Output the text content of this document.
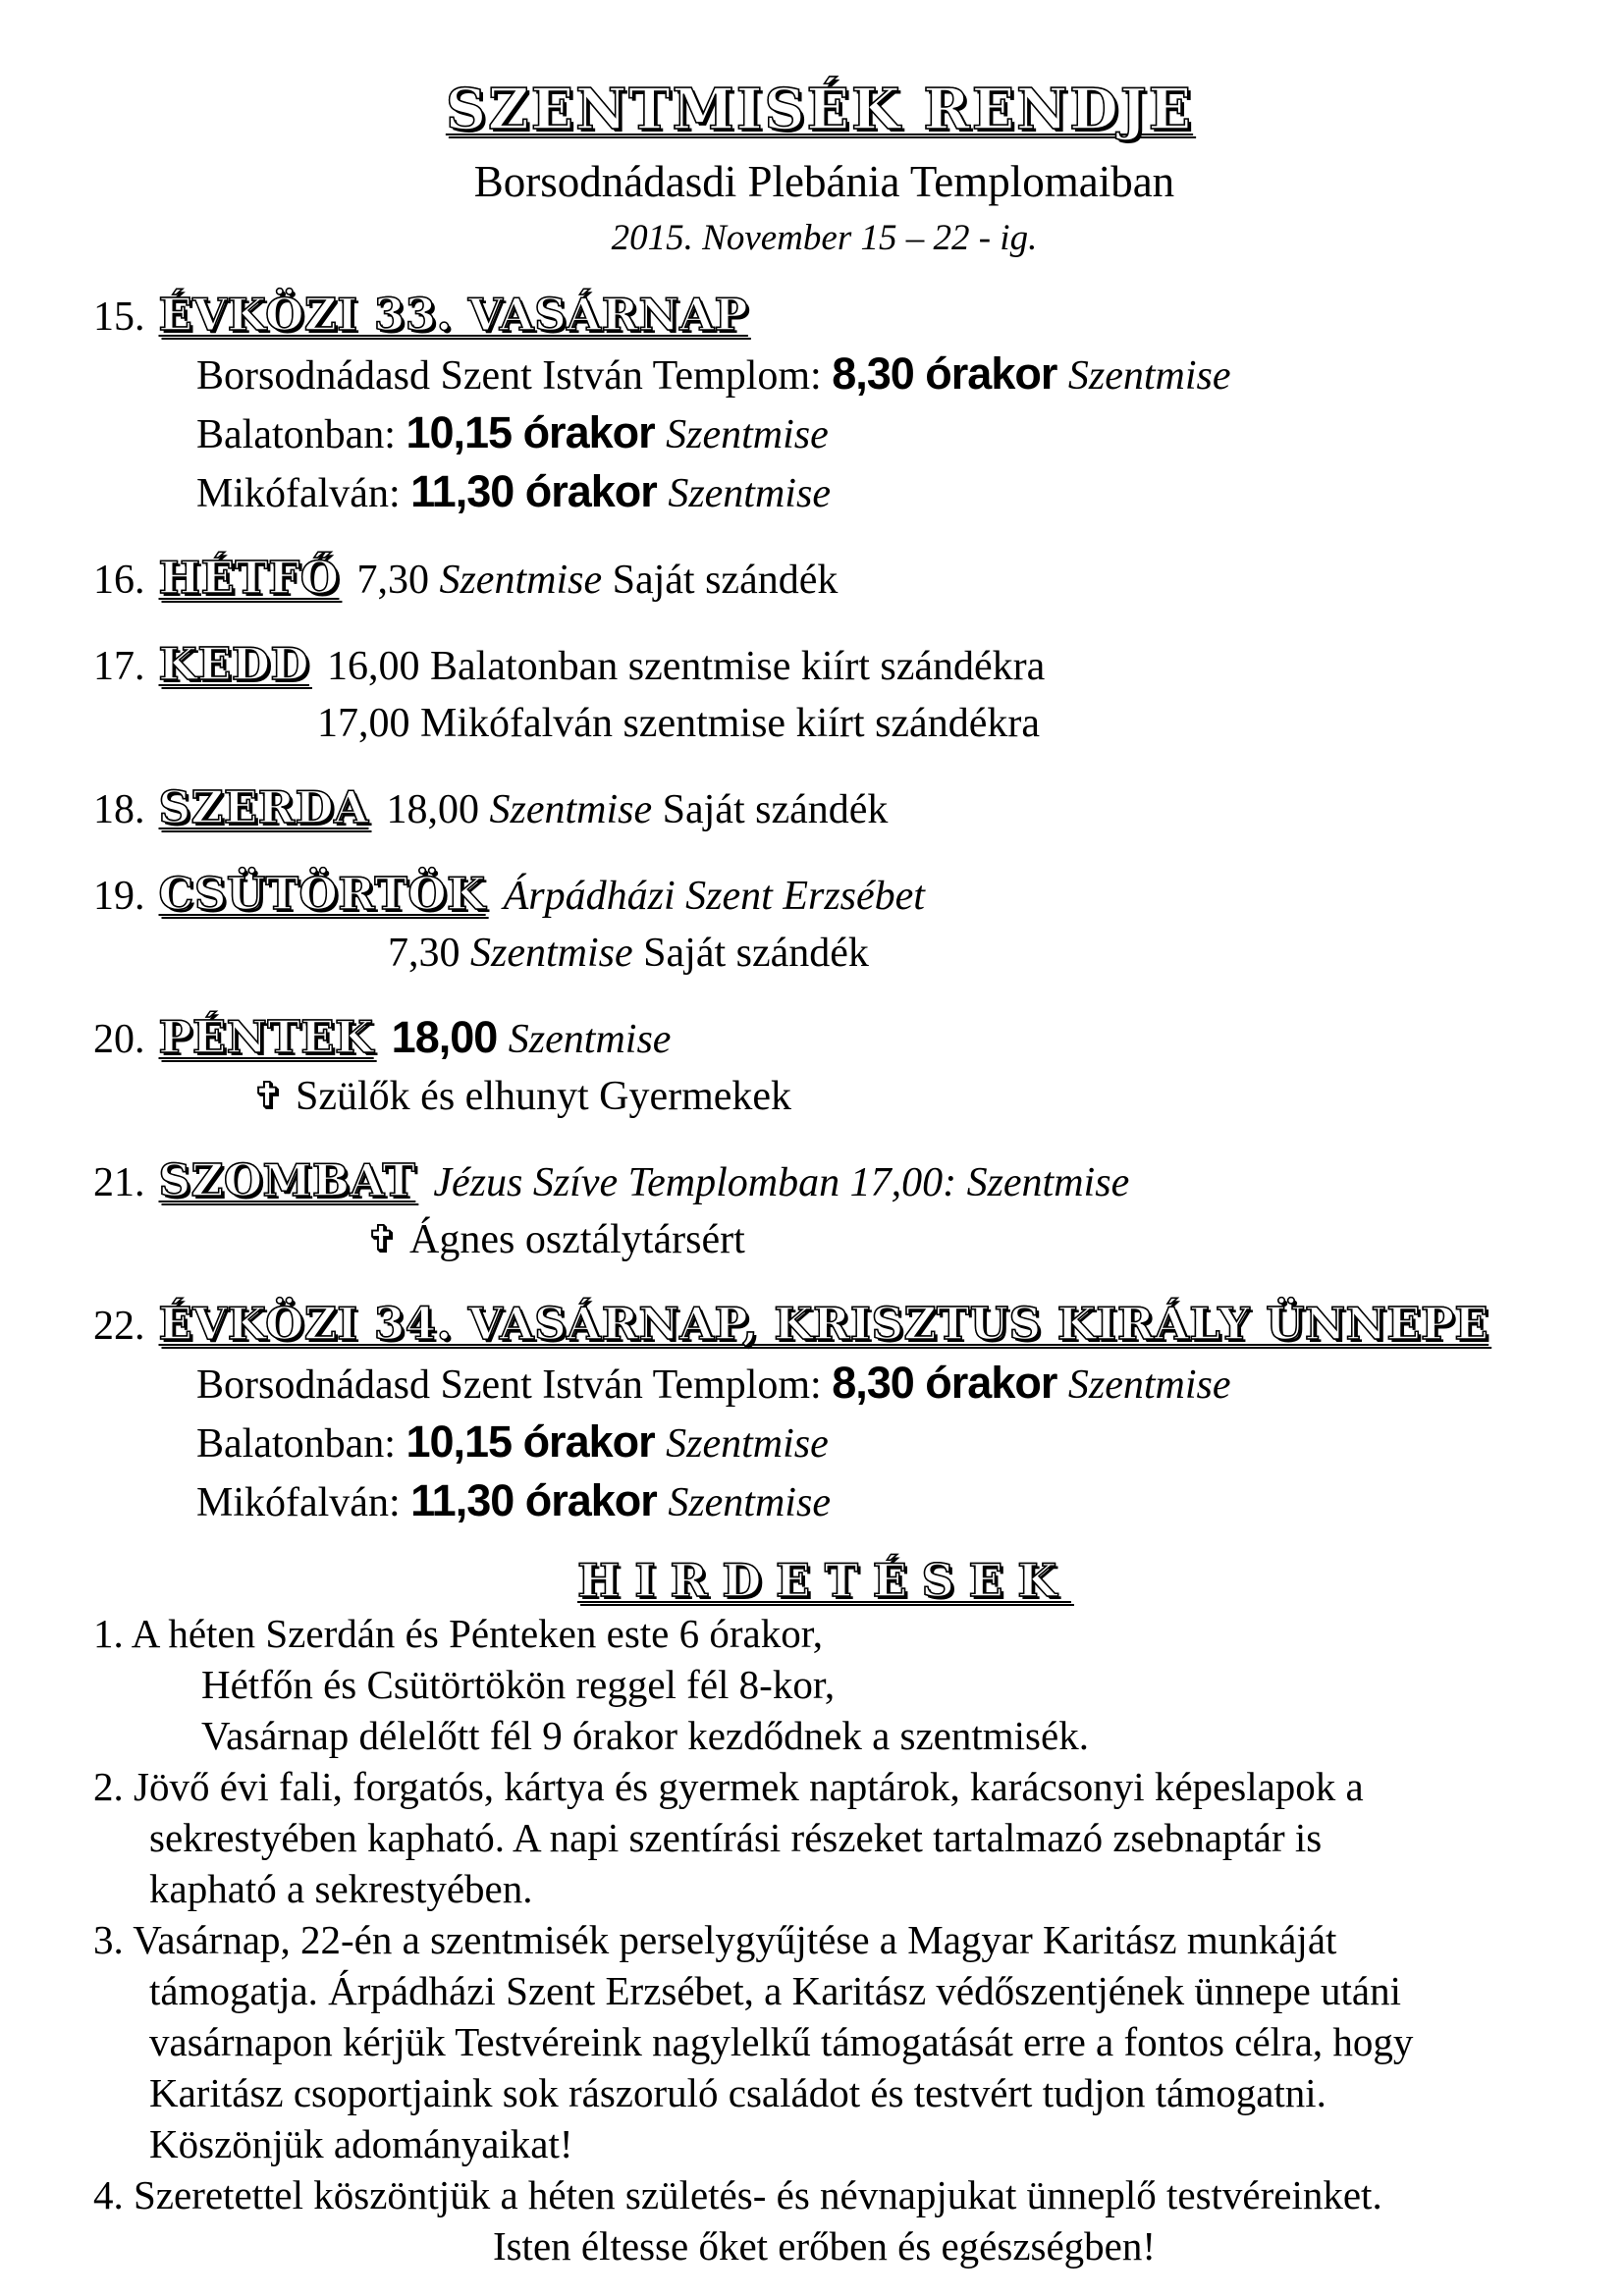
SZENTMISÉK RENDJE
Borsodnádasdi Plebánia Templomaiban
2015. November 15 – 22 - ig.
15. ÉVKÖZI 33. VASÁRNAP
Borsodnádasd Szent István Templom: 8,30 órakor Szentmise
Balatonban: 10,15 órakor Szentmise
Mikófalván: 11,30 órakor Szentmise
16. HÉTFŐ 7,30 Szentmise Saját szándék
17. KEDD 16,00 Balatonban szentmise kiírt szándékra
17,00 Mikófalván szentmise kiírt szándékra
18. SZERDA 18,00 Szentmise Saját szándék
19. CSÜTÖRTÖK Árpádházi Szent Erzsébet
7,30 Szentmise Saját szándék
20. PÉNTEK 18,00 Szentmise
✞ Szülők és elhunyt Gyermekek
21. SZOMBAT Jézus Szíve Templomban 17,00: Szentmise
✞ Ágnes osztálytársért
22. ÉVKÖZI 34. VASÁRNAP, KRISZTUS KIRÁLY ÜNNEPE
Borsodnádasd Szent István Templom: 8,30 órakor Szentmise
Balatonban: 10,15 órakor Szentmise
Mikófalván: 11,30 órakor Szentmise
HIRDETÉSEK
1. A héten Szerdán és Pénteken este 6 órakor,
Hétfőn és Csütörtökön reggel fél 8-kor,
Vasárnap délelőtt fél 9 órakor kezdődnek a szentmisék.
2. Jövő évi fali, forgatós, kártya és gyermek naptárok, karácsonyi képeslapok a
sekrestyében kapható. A napi szentírási részeket tartalmazó zsebnaptár is
kapható a sekrestyében.
3. Vasárnap, 22-én a szentmisék perselygyűjtése a Magyar Karitász munkáját
támogatja. Árpádházi Szent Erzsébet, a Karitász védőszentjének ünnepe utáni
vasárnapon kérjük Testvéreink nagylelkű támogatását erre a fontos célra, hogy
Karitász csoportjaink sok rászoruló családot és testvért tudjon támogatni.
Köszönjük adományaikat!
4. Szeretettel köszöntjük a héten születés- és névnapjukat ünneplő testvéreinket.
Isten éltesse őket erőben és egészségben!
